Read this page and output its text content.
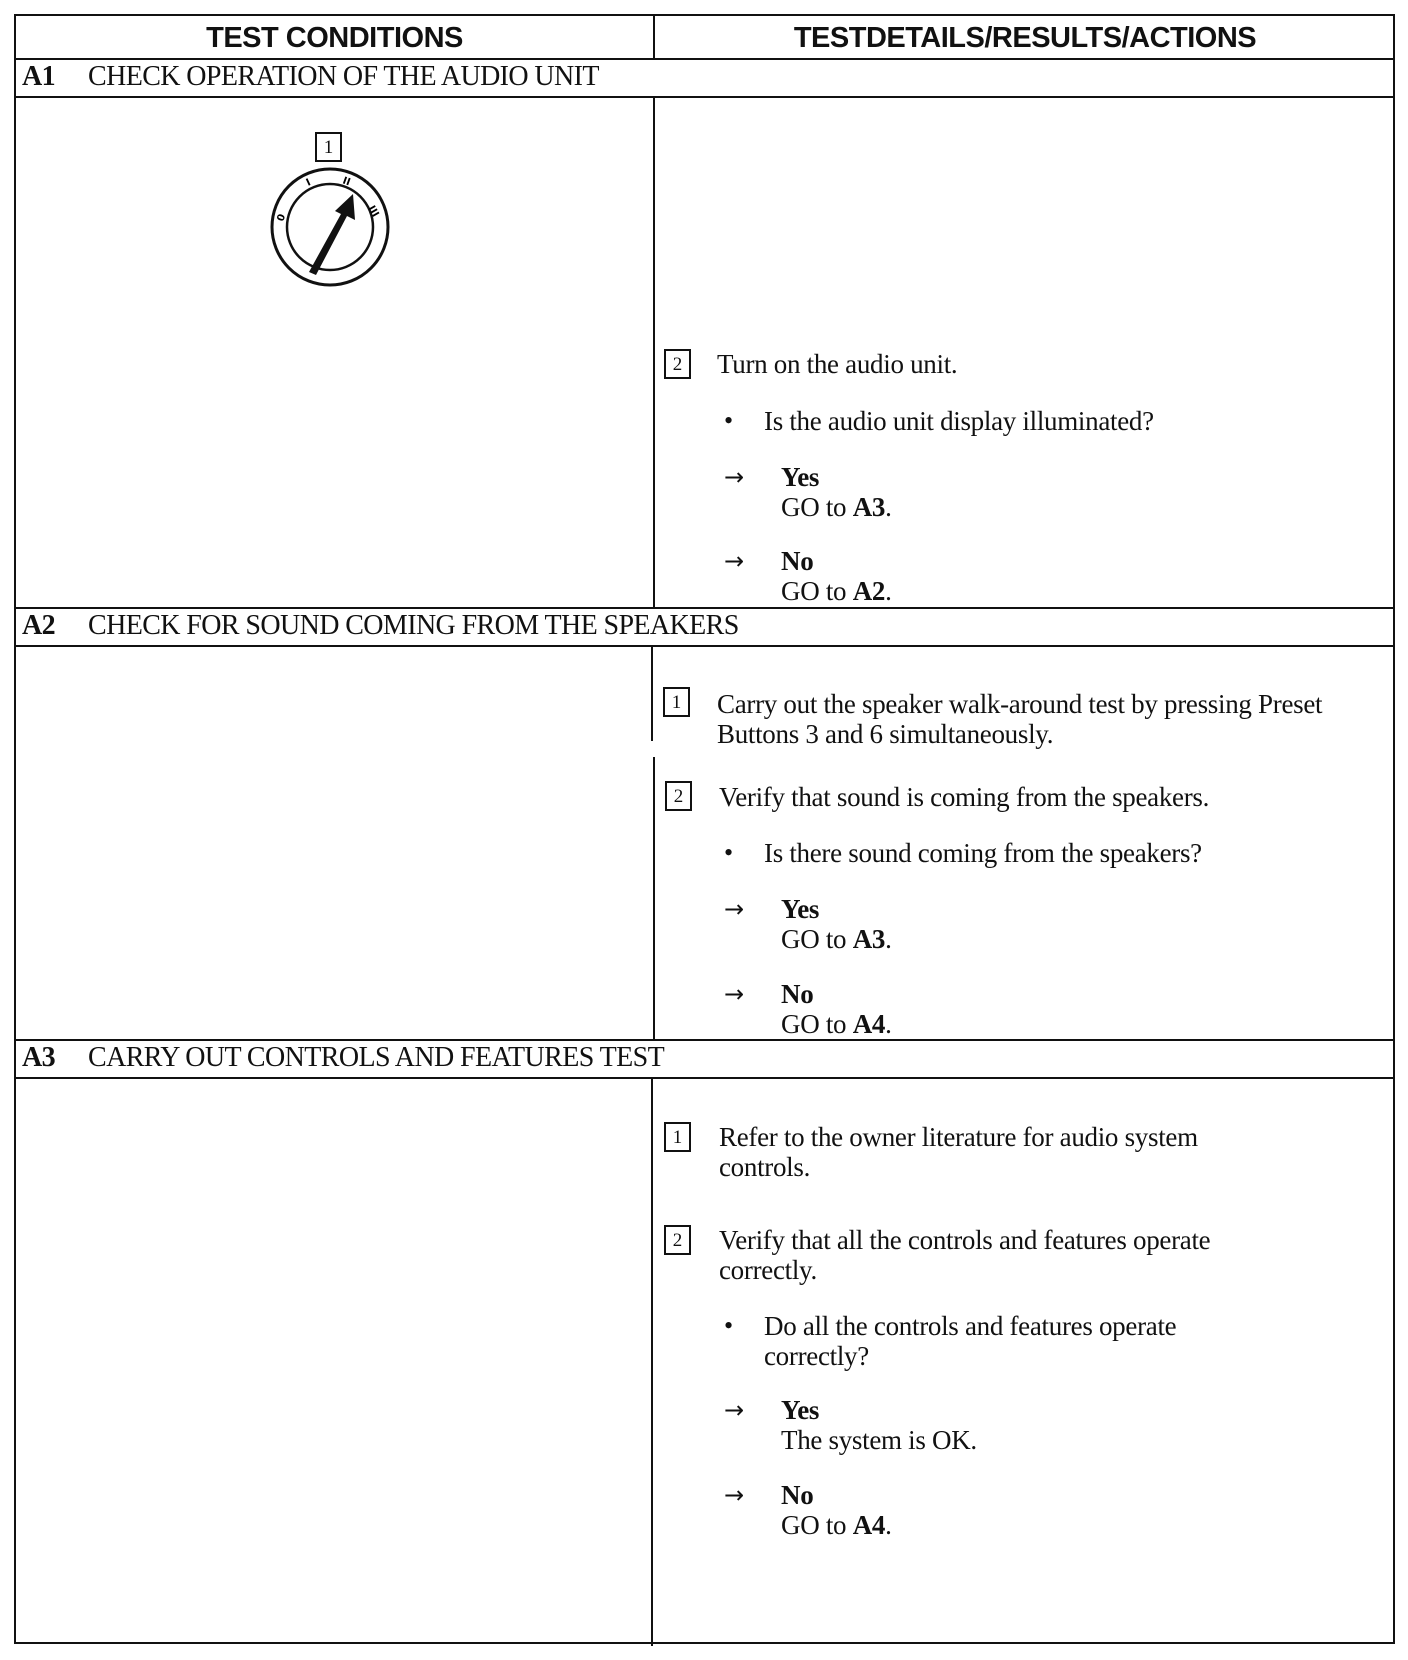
TEST CONDITIONS	TESTDETAILS/RESULTS/ACTIONS
A1	CHECK OPERATION OF THE AUDIO UNIT
1
0
I	II
III
2	Turn on the audio unit.
• Is the audio unit display illuminated?
→ Yes
GO to A3.
→ No
GO to A2.
A2	CHECK FOR SOUND COMING FROM THE SPEAKERS
1	Carry out the speaker walk-around test by pressing Preset Buttons 3 and 6 simultaneously.
2	Verify that sound is coming from the speakers.
• Is there sound coming from the speakers?
→ Yes
GO to A3.
→ No
GO to A4.
A3	CARRY OUT CONTROLS AND FEATURES TEST
1	Refer to the owner literature for audio system controls.
2	Verify that all the controls and features operate correctly.
• Do all the controls and features operate correctly?
→ Yes
The system is OK.
→ No
GO to A4.
